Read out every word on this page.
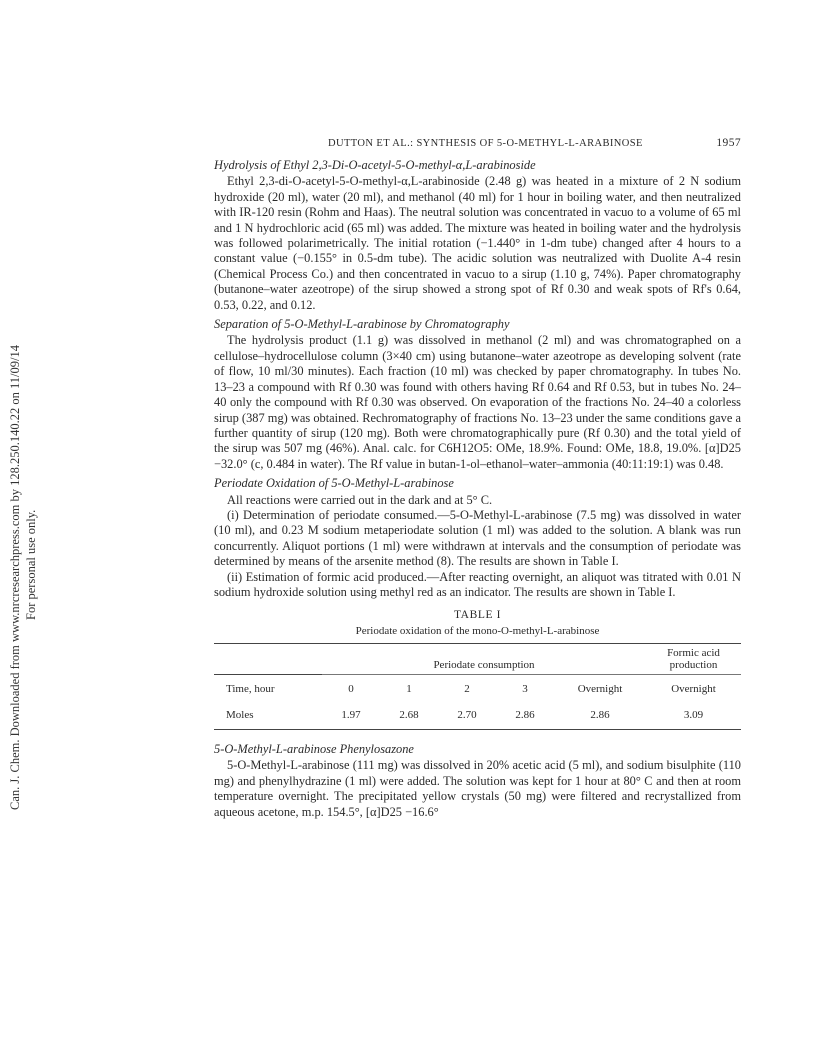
Can. J. Chem. Downloaded from www.nrcresearchpress.com by 128.250.140.22 on 11/09/14 For personal use only.
DUTTON ET AL.: SYNTHESIS OF 5-O-METHYL-L-ARABINOSE	1957
Hydrolysis of Ethyl 2,3-Di-O-acetyl-5-O-methyl-α,L-arabinoside

Ethyl 2,3-di-O-acetyl-5-O-methyl-α,L-arabinoside (2.48 g) was heated in a mixture of 2 N sodium hydroxide (20 ml), water (20 ml), and methanol (40 ml) for 1 hour in boiling water, and then neutralized with IR-120 resin (Rohm and Haas). The neutral solution was concentrated in vacuo to a volume of 65 ml and 1 N hydrochloric acid (65 ml) was added. The mixture was heated in boiling water and the hydrolysis was followed polarimetrically. The initial rotation (−1.440° in 1-dm tube) changed after 4 hours to a constant value (−0.155° in 0.5-dm tube). The acidic solution was neutralized with Duolite A-4 resin (Chemical Process Co.) and then concentrated in vacuo to a sirup (1.10 g, 74%). Paper chromatography (butanone–water azeotrope) of the sirup showed a strong spot of Rf 0.30 and weak spots of Rf's 0.64, 0.53, 0.22, and 0.12.

Separation of 5-O-Methyl-L-arabinose by Chromatography

The hydrolysis product (1.1 g) was dissolved in methanol (2 ml) and was chromatographed on a cellulose–hydrocellulose column (3×40 cm) using butanone–water azeotrope as developing solvent (rate of flow, 10 ml/30 minutes). Each fraction (10 ml) was checked by paper chromatography. In tubes No. 13–23 a compound with Rf 0.30 was found with others having Rf 0.64 and Rf 0.53, but in tubes No. 24–40 only the compound with Rf 0.30 was observed. On evaporation of the fractions No. 24–40 a colorless sirup (387 mg) was obtained. Rechromatography of fractions No. 13–23 under the same conditions gave a further quantity of sirup (120 mg). Both were chromatographically pure (Rf 0.30) and the total yield of the sirup was 507 mg (46%). Anal. calc. for C6H12O5: OMe, 18.9%. Found: OMe, 18.8, 19.0%. [α]D25 −32.0° (c, 0.484 in water). The Rf value in butan-1-ol–ethanol–water–ammonia (40:11:19:1) was 0.48.

Periodate Oxidation of 5-O-Methyl-L-arabinose

All reactions were carried out in the dark and at 5° C.

(i) Determination of periodate consumed.—5-O-Methyl-L-arabinose (7.5 mg) was dissolved in water (10 ml), and 0.23 M sodium metaperiodate solution (1 ml) was added to the solution. A blank was run concurrently. Aliquot portions (1 ml) were withdrawn at intervals and the consumption of periodate was determined by means of the arsenite method (8). The results are shown in Table I.

(ii) Estimation of formic acid produced.—After reacting overnight, an aliquot was titrated with 0.01 N sodium hydroxide solution using methyl red as an indicator. The results are shown in Table I.

TABLE I
Periodate oxidation of the mono-O-methyl-L-arabinose
	Periodate consumption					Formic acid production
Time, hour	0	1	2	3	Overnight	Overnight
Moles	1.97	2.68	2.70	2.86	2.86	3.09
5-O-Methyl-L-arabinose Phenylosazone

5-O-Methyl-L-arabinose (111 mg) was dissolved in 20% acetic acid (5 ml), and sodium bisulphite (110 mg) and phenylhydrazine (1 ml) were added. The solution was kept for 1 hour at 80° C and then at room temperature overnight. The precipitated yellow crystals (50 mg) were filtered and recrystallized from aqueous acetone, m.p. 154.5°, [α]D25 −16.6°
